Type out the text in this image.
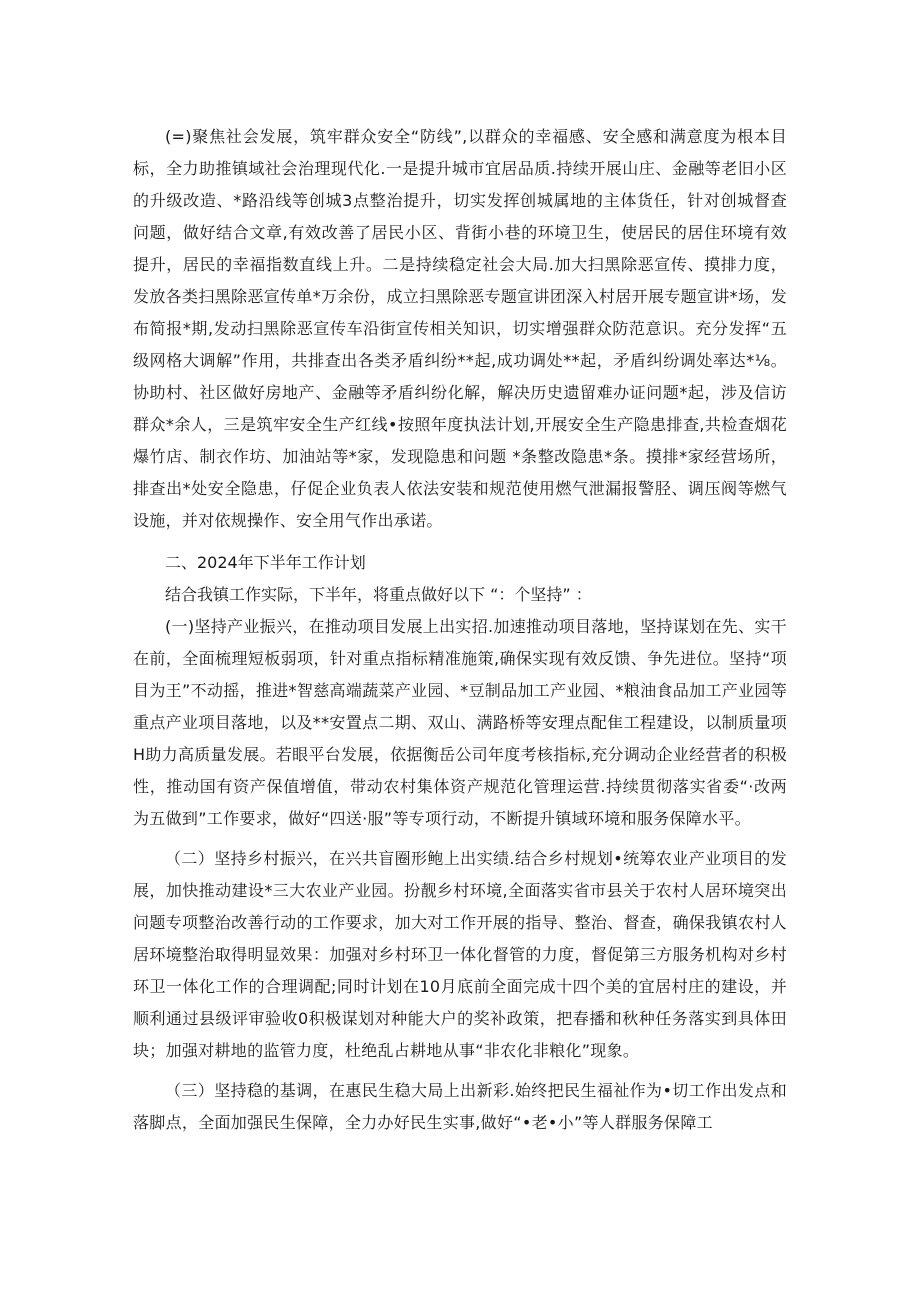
(=)聚焦社会发展，筑牢群众安全“防线”,以群众的幸福感、安全感和满意度为根本目标，全力助推镇域社会治理现代化.一是提升城市宜居品质.持续开展山庄、金融等老旧小区的升级改造、*路沿线等创城3点整治提升，切实发挥创城属地的主体货任，针对创城督查问题，做好结合文章,有效改善了居民小区、背街小巷的环境卫生，使居民的居住环境有效提升，居民的幸福指数直线上升。二是持续稳定社会大局.加大扫黑除恶宣传、摸排力度，发放各类扫黑除恶宣传单*万余份，成立扫黑除恶专题宣讲团深入村居开展专题宣讲*场，发布简报*期,发动扫黑除恶宣传车沿街宣传相关知识，切实增强群众防范意识。充分发挥“五级网格大调解”作用，共排查出各类矛盾纠纷**起,成功调处**起，矛盾纠纷调处率达*⅛。协助村、社区做好房地产、金融等矛盾纠纷化解，解决历史遗留难办证问题*起，涉及信访群众*余人，三是筑牢安全生产红线•按照年度执法计划,开展安全生产隐患排查,共检查烟花爆竹店、制衣作坊、加油站等*家，发现隐患和问题 *条整改隐患*条。摸排*家经营场所，排查出*处安全隐患，仔促企业负表人依法安装和规范使用燃气泄漏报警胫、调压阀等燃气设施，并对依规操作、安全用气作出承诺。

二、2024年下半年工作计划

结合我镇工作实际，下半年，将重点做好以下 “：个坚持” ：

(一)坚持产业振兴，在推动项目发展上出实招.加速推动项目落地，坚持谋划在先、实干在前，全面梳理短板弱项，针对重点指标精准施策,确保实现有效反馈、争先进位。坚持“项目为王”不动摇，推进*智慈高端蔬菜产业园、*豆制品加工产业园、*粮油食品加工产业园等重点产业项目落地，以及**安置点二期、双山、满路桥等安理点配隹工程建设，以制质量项H助力高质量发展。若眼平台发展，依据衡岳公司年度考核指标,充分调动企业经营者的积极性，推动国有资产保值增值，带动农村集体资产规范化管理运营.持续贯彻落实省委“·改两为五做到”工作要求，做好“四送·服”等专项行动，不断提升镇域环境和服务保障水平。

（二）坚持乡村振兴，在兴共盲圈形鲍上出实绩.结合乡村规划•统筹农业产业项目的发展，加快推动建设*三大农业产业园。扮靓乡村环境,全面落实省市县关于农村人居环境突出问题专项整治改善行动的工作要求，加大对工作开展的指导、整治、督查，确保我镇农村人居环境整治取得明显效果：加强对乡村环卫一体化督管的力度，督促第三方服务机构对乡村环卫一体化工作的合理调配;同时计划在10月底前全面完成十四个美的宜居村庄的建设，并顺利通过县级评审验收0积极谋划对种能大户的奖补政策，把春播和秋种任务落实到具体田块；加强对耕地的监管力度，杜绝乱占耕地从事“非农化非粮化”现象。

（三）坚持稳的基调，在惠民生稳大局上出新彩.始终把民生福祉作为•切工作出发点和落脚点，全面加强民生保障，全力办好民生实事,做好“•老•小”等人群服务保障工
